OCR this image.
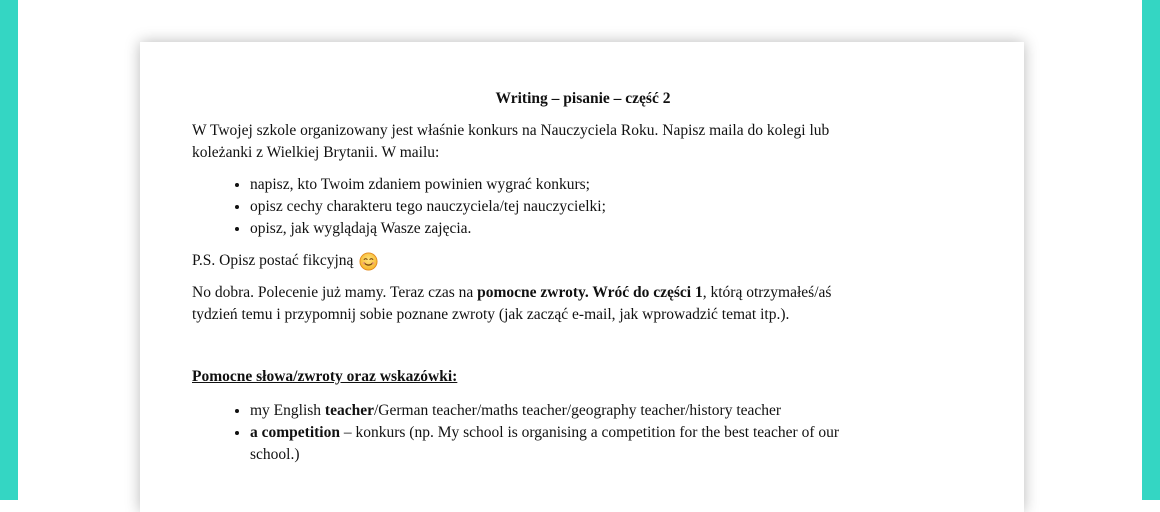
Writing – pisanie – część 2

W Twojej szkole organizowany jest właśnie konkurs na Nauczyciela Roku. Napisz maila do kolegi lub
koleżanki z Wielkiej Brytanii. W mailu:

• napisz, kto Twoim zdaniem powinien wygrać konkurs;
• opisz cechy charakteru tego nauczyciela/tej nauczycielki;
• opisz, jak wyglądają Wasze zajęcia.
P.S. Opisz postać fikcyjną

No dobra. Polecenie już mamy. Teraz czas na pomocne zwroty. Wróć do części 1, którą otrzymałeś/aś
tydzień temu i przypomnij sobie poznane zwroty (jak zacząć e-mail, jak wprowadzić temat itp.).

Pomocne słowa/zwroty oraz wskazówki:
• my English teacher/German teacher/maths teacher/geography teacher/history teacher
• a competition – konkurs (np. My school is organising a competition for the best teacher of our
school.)
